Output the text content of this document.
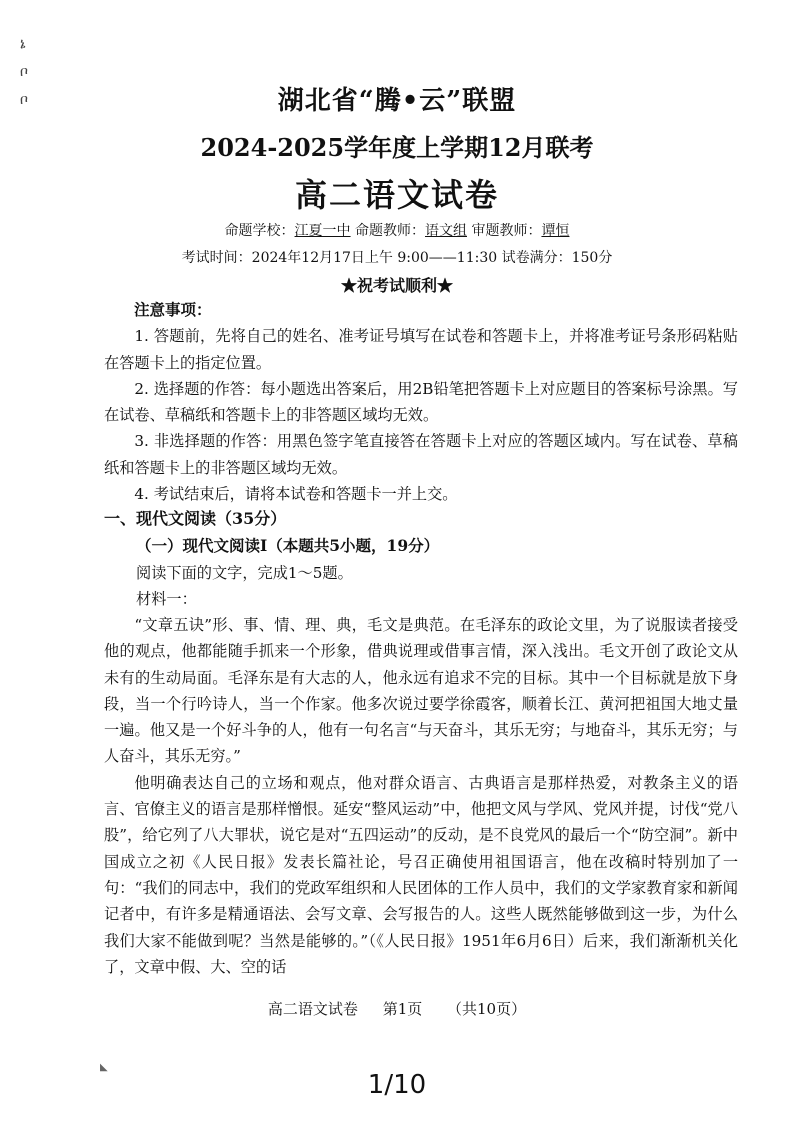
ኔ
ቦ
ቦ	湖北省“腾•云”联盟
2024-2025学年度上学期12月联考
高二语文试卷
命题学校：江夏一中 命题教师：语文组 审题教师：谭恒
考试时间：2024年12月17日上午 9:00——11:30 试卷满分：150分
★祝考试顺利★
注意事项：

1. 答题前，先将自己的姓名、准考证号填写在试卷和答题卡上，并将准考证号条形码粘贴在答题卡上的指定位置。

2. 选择题的作答：每小题选出答案后，用2B铅笔把答题卡上对应题目的答案标号涂黑。写在试卷、草稿纸和答题卡上的非答题区域均无效。

3. 非选择题的作答：用黑色签字笔直接答在答题卡上对应的答题区域内。写在试卷、草稿纸和答题卡上的非答题区域均无效。

4. 考试结束后，请将本试卷和答题卡一并上交。

一、现代文阅读（35分）
（一）现代文阅读Ⅰ（本题共5小题，19分）
阅读下面的文字，完成1～5题。
材料一：

“文章五诀”形、事、情、理、典，毛文是典范。在毛泽东的政论文里，为了说服读者接受他的观点，他都能随手抓来一个形象，借典说理或借事言情，深入浅出。毛文开创了政论文从未有的生动局面。毛泽东是有大志的人，他永远有追求不完的目标。其中一个目标就是放下身段，当一个行吟诗人，当一个作家。他多次说过要学徐霞客，顺着长江、黄河把祖国大地丈量一遍。他又是一个好斗争的人，他有一句名言“与天奋斗，其乐无穷；与地奋斗，其乐无穷；与人奋斗，其乐无穷。”

他明确表达自己的立场和观点，他对群众语言、古典语言是那样热爱，对教条主义的语言、官僚主义的语言是那样憎恨。延安“整风运动”中，他把文风与学风、党风并提，讨伐“党八股”，给它列了八大罪状，说它是对“五四运动”的反动，是不良党风的最后一个“防空洞”。新中国成立之初《人民日报》发表长篇社论，号召正确使用祖国语言，他在改稿时特别加了一句：“我们的同志中，我们的党政军组织和人民团体的工作人员中，我们的文学家教育家和新闻记者中，有许多是精通语法、会写文章、会写报告的人。这些人既然能够做到这一步，为什么我们大家不能做到呢？当然是能够的。”（《人民日报》1951年6月6日）后来，我们渐渐机关化了，文章中假、大、空的话

高二语文试卷 第1页 （共10页）
◣
1/10
